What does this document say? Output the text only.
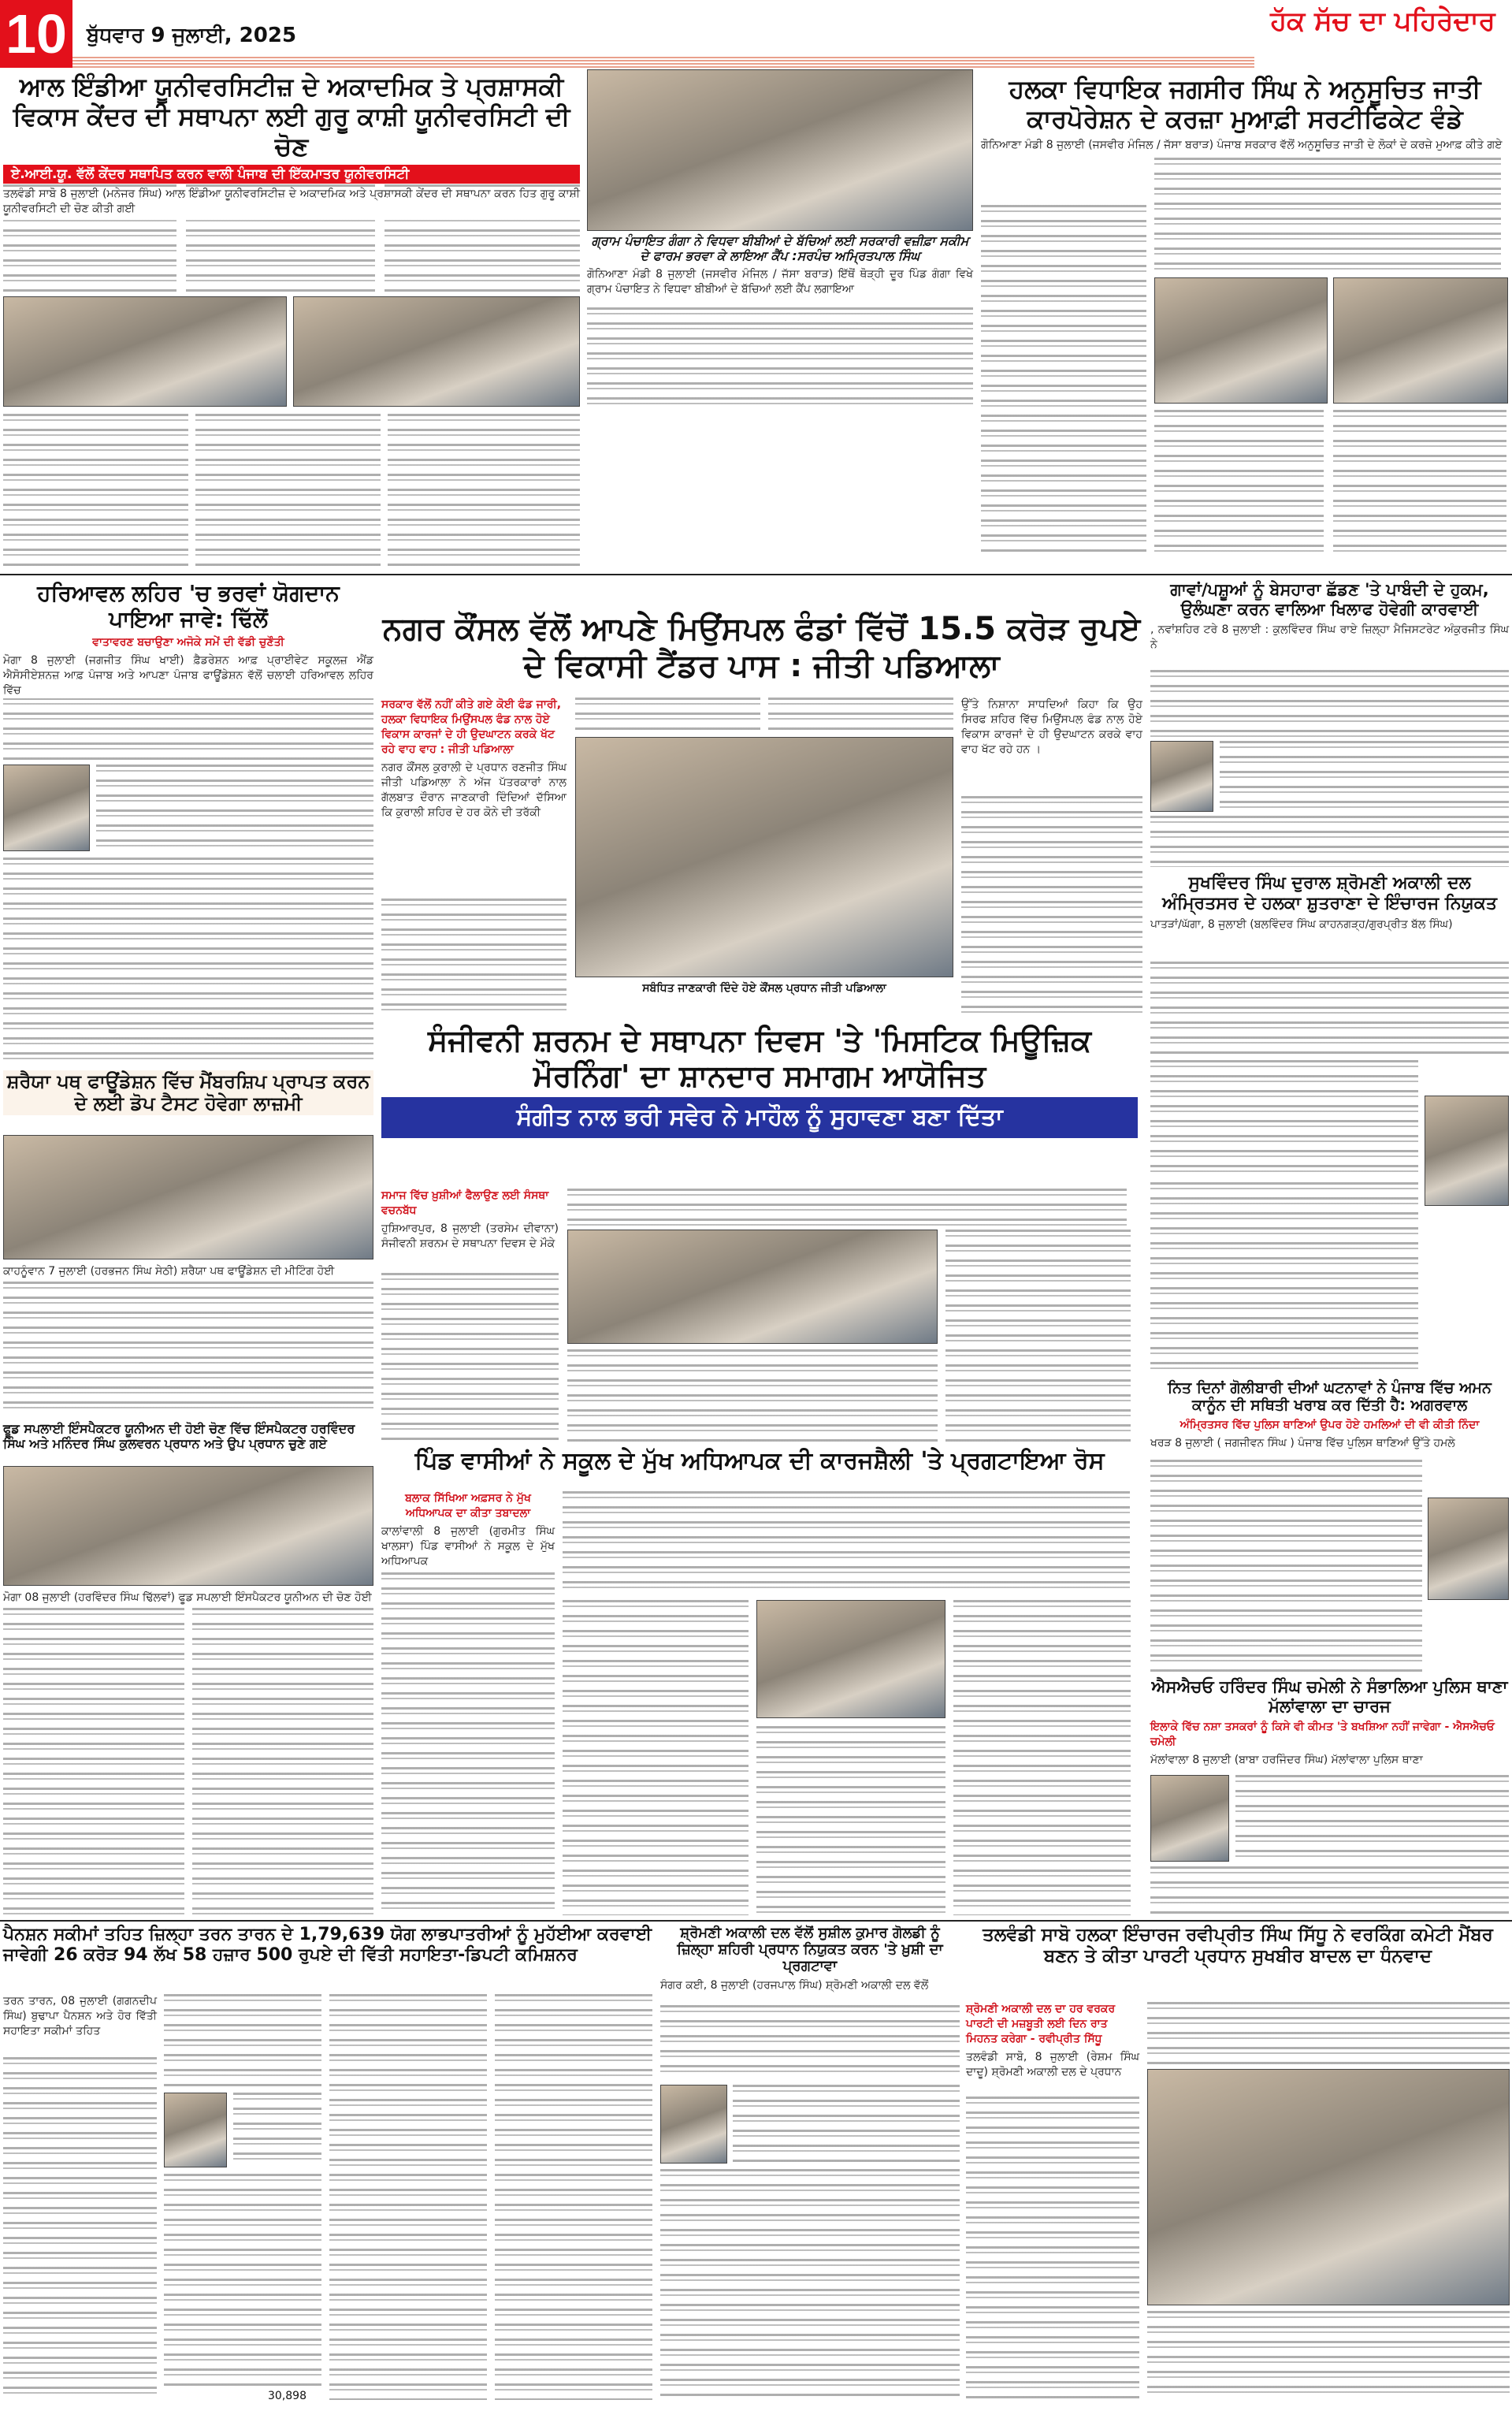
10 ਬੁੱਧਵਾਰ 9 ਜੁਲਾਈ, 2025	ਹੱਕ ਸੱਚ ਦਾ ਪਹਿਰੇਦਾਰ
ਆਲ ਇੰਡੀਆ ਯੂਨੀਵਰਸਿਟੀਜ਼ ਦੇ ਅਕਾਦਮਿਕ ਤੇ ਪ੍ਰਸ਼ਾਸਕੀ ਵਿਕਾਸ ਕੇਂਦਰ ਦੀ ਸਥਾਪਨਾ ਲਈ ਗੁਰੂ ਕਾਸ਼ੀ ਯੂਨੀਵਰਸਿਟੀ ਦੀ ਚੋਣ
ਏ.ਆਈ.ਯੂ. ਵੱਲੋਂ ਕੇਂਦਰ ਸਥਾਪਿਤ ਕਰਨ ਵਾਲੀ ਪੰਜਾਬ ਦੀ ਇੱਕਮਾਤਰ ਯੂਨੀਵਰਸਿਟੀ
ਤਲਵੰਡੀ ਸਾਬੋ 8 ਜੁਲਾਈ (ਮਨੇਜਰ ਸਿੰਘ) ਆਲ ਇੰਡੀਆ ਯੂਨੀਵਰਸਿਟੀਜ਼ ਦੇ ਅਕਾਦਮਿਕ ਅਤੇ ਪ੍ਰਸ਼ਾਸਕੀ ਕੇਂਦਰ ਦੀ ਸਥਾਪਨਾ ਕਰਨ ਹਿਤ ਗੁਰੂ ਕਾਸ਼ੀ ਯੂਨੀਵਰਸਿਟੀ ਦੀ ਚੋਣ ਕੀਤੀ ਗਈ
ਗ੍ਰਾਮ ਪੰਚਾਇਤ ਗੰਗਾ ਨੇ ਵਿਧਵਾ ਬੀਬੀਆਂ ਦੇ ਬੱਚਿਆਂ ਲਈ ਸਰਕਾਰੀ ਵਜ਼ੀਫ਼ਾ ਸਕੀਮ ਦੇ ਫਾਰਮ ਭਰਵਾ ਕੇ ਲਾਇਆ ਕੈਂਪ :ਸਰਪੰਚ ਅਮ੍ਰਿਤਪਾਲ ਸਿੰਘ
ਗੋਨਿਆਣਾ ਮੰਡੀ 8 ਜੁਲਾਈ (ਜਸਵੀਰ ਮੰਜਿਲ / ਜੱਸਾ ਬਰਾੜ) ਇੱਥੋਂ ਥੋੜ੍ਹੀ ਦੂਰ ਪਿੰਡ ਗੰਗਾ ਵਿਖੇ ਗ੍ਰਾਮ ਪੰਚਾਇਤ ਨੇ ਵਿਧਵਾ ਬੀਬੀਆਂ ਦੇ ਬੱਚਿਆਂ ਲਈ ਕੈਂਪ ਲਗਾਇਆ
ਹਲਕਾ ਵਿਧਾਇਕ ਜਗਸੀਰ ਸਿੰਘ ਨੇ ਅਨੁਸੂਚਿਤ ਜਾਤੀ ਕਾਰਪੋਰੇਸ਼ਨ ਦੇ ਕਰਜ਼ਾ ਮੁਆਫ਼ੀ ਸਰਟੀਫਿਕੇਟ ਵੰਡੇ
ਗੋਨਿਆਣਾ ਮੰਡੀ 8 ਜੁਲਾਈ (ਜਸਵੀਰ ਮੰਜਿਲ / ਜੱਸਾ ਬਰਾੜ) ਪੰਜਾਬ ਸਰਕਾਰ ਵੱਲੋਂ ਅਨੁਸੂਚਿਤ ਜਾਤੀ ਦੇ ਲੋਕਾਂ ਦੇ ਕਰਜ਼ੇ ਮੁਆਫ਼ ਕੀਤੇ ਗਏ
ਹਰਿਆਵਲ ਲਹਿਰ 'ਚ ਭਰਵਾਂ ਯੋਗਦਾਨ ਪਾਇਆ ਜਾਵੇ: ਢਿੱਲੋਂ
ਵਾਤਾਵਰਣ ਬਚਾਉਣਾ ਅਜੋਕੇ ਸਮੇਂ ਦੀ ਵੱਡੀ ਚੁਣੌਤੀ
ਮੋਗਾ 8 ਜੁਲਾਈ (ਜਗਜੀਤ ਸਿੰਘ ਖਾਈ) ਫ਼ੈਡਰੇਸ਼ਨ ਆਫ਼ ਪ੍ਰਾਈਵੇਟ ਸਕੂਲਜ਼ ਐਂਡ ਐਸੋਸੀਏਸ਼ਨਜ਼ ਆਫ਼ ਪੰਜਾਬ ਅਤੇ ਆਪਣਾ ਪੰਜਾਬ ਫਾਊਂਡੇਸ਼ਨ ਵੱਲੋਂ ਚਲਾਈ ਹਰਿਆਵਲ ਲਹਿਰ ਵਿੱਚ
ਸ਼ਰੈਯਾ ਪਥ ਫਾਊਂਡੇਸ਼ਨ ਵਿੱਚ ਮੈਂਬਰਸ਼ਿਪ ਪ੍ਰਾਪਤ ਕਰਨ ਦੇ ਲਈ ਡੋਪ ਟੈਸਟ ਹੋਵੇਗਾ ਲਾਜ਼ਮੀ
ਕਾਹਨੂੰਵਾਨ 7 ਜੁਲਾਈ (ਹਰਭਜਨ ਸਿੰਘ ਸੇਠੀ) ਸ਼ਰੈਯਾ ਪਥ ਫਾਊਂਡੇਸ਼ਨ ਦੀ ਮੀਟਿੰਗ ਹੋਈ
ਫੂਡ ਸਪਲਾਈ ਇੰਸਪੈਕਟਰ ਯੂਨੀਅਨ ਦੀ ਹੋਈ ਚੋਣ ਵਿੱਚ ਇੰਸਪੈਕਟਰ ਹਰਵਿੰਦਰ ਸਿੰਘ ਅਤੇ ਮਨਿੰਦਰ ਸਿੰਘ ਕੁਲਵਰਨ ਪ੍ਰਧਾਨ ਅਤੇ ਉਪ ਪ੍ਰਧਾਨ ਚੁਣੇ ਗਏ
ਮੋਗਾ 08 ਜੁਲਾਈ (ਹਰਵਿੰਦਰ ਸਿੰਘ ਢਿੱਲਵਾਂ) ਫੂਡ ਸਪਲਾਈ ਇੰਸਪੈਕਟਰ ਯੂਨੀਅਨ ਦੀ ਚੋਣ ਹੋਈ
ਨਗਰ ਕੌਂਸਲ ਵੱਲੋਂ ਆਪਣੇ ਮਿਉਂਸਪਲ ਫੰਡਾਂ ਵਿੱਚੋਂ 15.5 ਕਰੋੜ ਰੁਪਏ ਦੇ ਵਿਕਾਸੀ ਟੈਂਡਰ ਪਾਸ : ਜੀਤੀ ਪਡਿਆਲਾ
ਸਰਕਾਰ ਵੱਲੋਂ ਨਹੀਂ ਕੀਤੇ ਗਏ ਕੋਈ ਫੰਡ ਜਾਰੀ, ਹਲਕਾ ਵਿਧਾਇਕ ਮਿਉਂਸਪਲ ਫੰਡ ਨਾਲ ਹੋਏ ਵਿਕਾਸ ਕਾਰਜਾਂ ਦੇ ਹੀ ਉਦਘਾਟਨ ਕਰਕੇ ਖੱਟ ਰਹੇ ਵਾਹ ਵਾਹ : ਜੀਤੀ ਪਡਿਆਲਾ
ਨਗਰ ਕੌਂਸਲ ਕੁਰਾਲੀ ਦੇ ਪ੍ਰਧਾਨ ਰਣਜੀਤ ਸਿੰਘ ਜੀਤੀ ਪਡਿਆਲਾ ਨੇ ਅੱਜ ਪੱਤਰਕਾਰਾਂ ਨਾਲ ਗੱਲਬਾਤ ਦੌਰਾਨ ਜਾਣਕਾਰੀ ਦਿੰਦਿਆਂ ਦੱਸਿਆ ਕਿ ਕੁਰਾਲੀ ਸ਼ਹਿਰ ਦੇ ਹਰ ਕੋਨੇ ਦੀ ਤਰੱਕੀ
ਸਬੰਧਿਤ ਜਾਣਕਾਰੀ ਦਿੰਦੇ ਹੋਏ ਕੌਂਸਲ ਪ੍ਰਧਾਨ ਜੀਤੀ ਪਡਿਆਲਾ
ਉੱਤੇ ਨਿਸ਼ਾਨਾ ਸਾਧਦਿਆਂ ਕਿਹਾ ਕਿ ਉਹ ਸਿਰਫ ਸ਼ਹਿਰ ਵਿੱਚ ਮਿਉਂਸਪਲ ਫੰਡ ਨਾਲ ਹੋਏ ਵਿਕਾਸ ਕਾਰਜਾਂ ਦੇ ਹੀ ਉਦਘਾਟਨ ਕਰਕੇ ਵਾਹ ਵਾਹ ਖੱਟ ਰਹੇ ਹਨ ।
ਸੰਜੀਵਨੀ ਸ਼ਰਨਮ ਦੇ ਸਥਾਪਨਾ ਦਿਵਸ 'ਤੇ 'ਮਿਸਟਿਕ ਮਿਊਜ਼ਿਕ ਮੌਰਨਿੰਗ' ਦਾ ਸ਼ਾਨਦਾਰ ਸਮਾਗਮ ਆਯੋਜਿਤ
ਸੰਗੀਤ ਨਾਲ ਭਰੀ ਸਵੇਰ ਨੇ ਮਾਹੌਲ ਨੂੰ ਸੁਹਾਵਣਾ ਬਣਾ ਦਿੱਤਾ
ਸਮਾਜ ਵਿੱਚ ਖ਼ੁਸ਼ੀਆਂ ਫੈਲਾਉਣ ਲਈ ਸੰਸਥਾ ਵਚਨਬੱਧ
ਹੁਸ਼ਿਆਰਪੁਰ, 8 ਜੁਲਾਈ (ਤਰਸੇਮ ਦੀਵਾਨਾ) ਸੰਜੀਵਨੀ ਸ਼ਰਨਮ ਦੇ ਸਥਾਪਨਾ ਦਿਵਸ ਦੇ ਮੌਕੇ
ਪਿੰਡ ਵਾਸੀਆਂ ਨੇ ਸਕੂਲ ਦੇ ਮੁੱਖ ਅਧਿਆਪਕ ਦੀ ਕਾਰਜਸ਼ੈਲੀ 'ਤੇ ਪ੍ਰਗਟਾਇਆ ਰੋਸ
ਬਲਾਕ ਸਿੱਖਿਆ ਅਫ਼ਸਰ ਨੇ ਮੁੱਖ ਅਧਿਆਪਕ ਦਾ ਕੀਤਾ ਤਬਾਦਲਾ
ਕਾਲਾਂਵਾਲੀ 8 ਜੁਲਾਈ (ਗੁਰਮੀਤ ਸਿੰਘ ਖਾਲਸਾ) ਪਿੰਡ ਵਾਸੀਆਂ ਨੇ ਸਕੂਲ ਦੇ ਮੁੱਖ ਅਧਿਆਪਕ
ਗਾਵਾਂ/ਪਸ਼ੂਆਂ ਨੂੰ ਬੇਸਹਾਰਾ ਛੱਡਣ 'ਤੇ ਪਾਬੰਦੀ ਦੇ ਹੁਕਮ, ਉਲੰਘਣਾ ਕਰਨ ਵਾਲਿਆ ਖਿਲਾਫ ਹੋਵੇਗੀ ਕਾਰਵਾਈ
, ਨਵਾਂਸ਼ਹਿਰ ਟਰੇ 8 ਜੁਲਾਈ : ਕੁਲਵਿੰਦਰ ਸਿੰਘ ਰਾਏ ਜ਼ਿਲ੍ਹਾ ਮੈਜਿਸਟਰੇਟ ਅੰਕੁਰਜੀਤ ਸਿੰਘ ਨੇ
ਸੁਖਵਿੰਦਰ ਸਿੰਘ ਦੁਰਾਲ ਸ਼੍ਰੋਮਣੀ ਅਕਾਲੀ ਦਲ ਅੰਮ੍ਰਿਤਸਰ ਦੇ ਹਲਕਾ ਸ਼ੁਤਰਾਣਾ ਦੇ ਇੰਚਾਰਜ ਨਿਯੁਕਤ
ਪਾਤੜਾਂ/ਘੱਗਾ, 8 ਜੁਲਾਈ (ਬਲਵਿੰਦਰ ਸਿੰਘ ਕਾਹਨਗੜ੍ਹ/ਗੁਰਪ੍ਰੀਤ ਬੱਲ ਸਿੰਘ)
ਨਿਤ ਦਿਨਾਂ ਗੋਲੀਬਾਰੀ ਦੀਆਂ ਘਟਨਾਵਾਂ ਨੇ ਪੰਜਾਬ ਵਿੱਚ ਅਮਨ ਕਾਨੂੰਨ ਦੀ ਸਥਿਤੀ ਖਰਾਬ ਕਰ ਦਿੱਤੀ ਹੈ: ਅਗਰਵਾਲ
ਅੰਮ੍ਰਿਤਸਰ ਵਿੱਚ ਪੁਲਿਸ ਥਾਣਿਆਂ ਉਪਰ ਹੋਏ ਹਮਲਿਆਂ ਦੀ ਵੀ ਕੀਤੀ ਨਿੰਦਾ
ਖਰੜ 8 ਜੁਲਾਈ ( ਜਗਜੀਵਨ ਸਿੰਘ ) ਪੰਜਾਬ ਵਿੱਚ ਪੁਲਿਸ ਥਾਣਿਆਂ ਉੱਤੇ ਹਮਲੇ
ਐਸਐਚਓ ਹਰਿੰਦਰ ਸਿੰਘ ਚਮੇਲੀ ਨੇ ਸੰਭਾਲਿਆ ਪੁਲਿਸ ਥਾਣਾ ਮੱਲਾਂਵਾਲਾ ਦਾ ਚਾਰਜ
ਇਲਾਕੇ ਵਿੱਚ ਨਸ਼ਾ ਤਸਕਰਾਂ ਨੂੰ ਕਿਸੇ ਵੀ ਕੀਮਤ 'ਤੇ ਬਖਸ਼ਿਆ ਨਹੀਂ ਜਾਵੇਗਾ - ਐਸਐਚਓ ਚਮੇਲੀ
ਮੱਲਾਂਵਾਲਾ 8 ਜੁਲਾਈ (ਬਾਬਾ ਹਰਜਿੰਦਰ ਸਿੰਘ) ਮੱਲਾਂਵਾਲਾ ਪੁਲਿਸ ਥਾਣਾ
ਪੈਨਸ਼ਨ ਸਕੀਮਾਂ ਤਹਿਤ ਜ਼ਿਲ੍ਹਾ ਤਰਨ ਤਾਰਨ ਦੇ 1,79,639 ਯੋਗ ਲਾਭਪਾਤਰੀਆਂ ਨੂੰ ਮੁਹੱਈਆ ਕਰਵਾਈ ਜਾਵੇਗੀ 26 ਕਰੋੜ 94 ਲੱਖ 58 ਹਜ਼ਾਰ 500 ਰੁਪਏ ਦੀ ਵਿੱਤੀ ਸਹਾਇਤਾ-ਡਿਪਟੀ ਕਮਿਸ਼ਨਰ
ਤਰਨ ਤਾਰਨ, 08 ਜੁਲਾਈ (ਗਗਨਦੀਪ ਸਿੰਘ) ਬੁਢਾਪਾ ਪੈਨਸ਼ਨ ਅਤੇ ਹੋਰ ਵਿੱਤੀ ਸਹਾਇਤਾ ਸਕੀਮਾਂ ਤਹਿਤ
30,898
ਸ਼੍ਰੋਮਣੀ ਅਕਾਲੀ ਦਲ ਵੱਲੋਂ ਸੁਸ਼ੀਲ ਕੁਮਾਰ ਗੋਲਡੀ ਨੂੰ ਜ਼ਿਲ੍ਹਾ ਸ਼ਹਿਰੀ ਪ੍ਰਧਾਨ ਨਿਯੁਕਤ ਕਰਨ 'ਤੇ ਖ਼ੁਸ਼ੀ ਦਾ ਪ੍ਰਗਟਾਵਾ
ਸੰਗਰ ਕਈ, 8 ਜੁਲਾਈ (ਹਰਜਪਾਲ ਸਿੰਘ) ਸ਼੍ਰੋਮਣੀ ਅਕਾਲੀ ਦਲ ਵੱਲੋਂ
ਤਲਵੰਡੀ ਸਾਬੋ ਹਲਕਾ ਇੰਚਾਰਜ ਰਵੀਪ੍ਰੀਤ ਸਿੰਘ ਸਿੱਧੂ ਨੇ ਵਰਕਿੰਗ ਕਮੇਟੀ ਮੈਂਬਰ ਬਣਨ ਤੇ ਕੀਤਾ ਪਾਰਟੀ ਪ੍ਰਧਾਨ ਸੁਖਬੀਰ ਬਾਦਲ ਦਾ ਧੰਨਵਾਦ
ਸ਼੍ਰੋਮਣੀ ਅਕਾਲੀ ਦਲ ਦਾ ਹਰ ਵਰਕਰ ਪਾਰਟੀ ਦੀ ਮਜ਼ਬੂਤੀ ਲਈ ਦਿਨ ਰਾਤ ਮਿਹਨਤ ਕਰੇਗਾ - ਰਵੀਪ੍ਰੀਤ ਸਿੱਧੂ
ਤਲਵੰਡੀ ਸਾਬੋ, 8 ਜੁਲਾਈ (ਰੇਸ਼ਮ ਸਿੰਘ ਦਾਦੂ) ਸ਼੍ਰੋਮਣੀ ਅਕਾਲੀ ਦਲ ਦੇ ਪ੍ਰਧਾਨ
